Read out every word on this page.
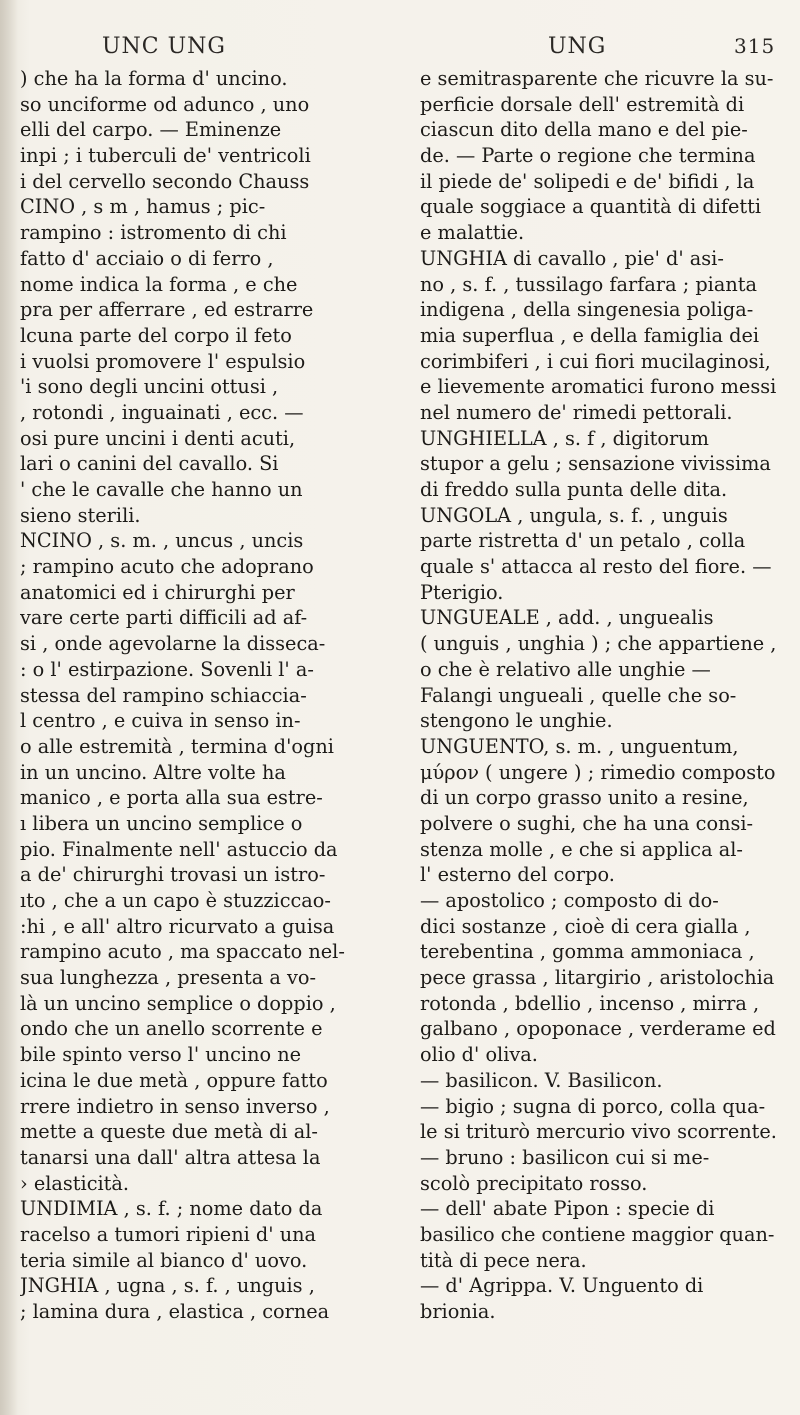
UNC UNG	UNG	315
) che ha la forma d' uncino.
so unciforme od adunco , uno
elli del carpo. — Eminenze
inpi ; i tuberculi de' ventricoli
i del cervello secondo Chauss
CINO , s m , hamus ; pic-
rampino : istromento di chi
fatto d' acciaio o di ferro ,
nome indica la forma , e che
pra per afferrare , ed estrarre
lcuna parte del corpo il feto
i vuolsi promovere l' espulsio
'i sono degli uncini ottusi ,
, rotondi , inguainati , ecc. —
osi pure uncini i denti acuti,
lari o canini del cavallo. Si
' che le cavalle che hanno un
sieno sterili.
NCINO , s. m. , uncus , uncis
; rampino acuto che adoprano
anatomici ed i chirurghi per
vare certe parti difficili ad af-
si , onde agevolarne la dissecа-
: o l' estirpazione. Sovenli l' a-
stessa del rampino schiaccia-
l centro , e cuiva in senso in-
o alle estremità , termina d'ogni
in un uncino. Altre volte ha
manico , e porta alla sua estre-
ı libera un uncino semplice o
pio. Finalmente nell' astuccio da
a de' chirurghi trovasi un istro-
ıto , che a un capo è stuzziccao-
:hi , e all' altro ricurvato a guisa
rampino acuto , ma spaccato nel-
sua lunghezza , presenta a vo-
là un uncino semplice o doppio ,
ondo che un anello scorrente e
bile spinto verso l' uncino ne
icina le due metà , oppure fatto
rrere indietro in senso inverso ,
mette a queste due metà di al-
tanarsi una dall' altra attesa la
› elasticità.
UNDIMIA , s. f. ; nome dato da
racelso a tumori ripieni d' una
teria simile al bianco d' uovo.
JNGHIA , ugna , s. f. , unguis ,
; lamina dura , elastica , cornea
e semitrasparente che ricuvre la su-
perficie dorsale dell' estremità di
ciascun dito della mano e del pie-
de. — Parte o regione che termina
il piede de' solipedi e de' bifidi , la
quale soggiace a quantità di difetti
e malattie.
UNGHIA di cavallo , pie' d' asi-
no , s. f. , tussilago farfara ; pianta
indigena , della singenesia poliga-
mia superflua , e della famiglia dei
corimbiferi , i cui fiori mucilaginosi,
e lievemente aromatici furono messi
nel numero de' rimedi pettorali.
UNGHIELLA , s. f , digitorum
stupor a gelu ; sensazione vivissima
di freddo sulla punta delle dita.
UNGOLA , ungula, s. f. , unguis
parte ristretta d' un petalo , colla
quale s' attacca al resto del fiore. —
Pterigio.
UNGUEALE , add. , unguealis
( unguis , unghia ) ; che appartiene ,
o che è relativo alle unghie —
Falangi ungueali , quelle che so-
stengono le unghie.
UNGUENTO, s. m. , unguentum,
μύρον ( ungere ) ; rimedio composto
di un corpo grasso unito a resine,
polvere o sughi, che ha una consi-
stenza molle , e che si applica al-
l' esterno del corpo.
— apostolico ; composto di do-
dici sostanze , cioè di cera gialla ,
terebentina , gomma ammoniaca ,
pece grassa , litargirio , aristolochia
rotonda , bdellio , incenso , mirra ,
galbano , opoponace , verderame ed
olio d' oliva.
— basilicon. V. Basilicon.
— bigio ; sugna di porco, colla qua-
le si triturò mercurio vivo scorrente.
— bruno : basilicon cui si me-
scolò precipitato rosso.
— dell' abate Pipon : specie di
basilico che contiene maggior quan-
tità di pece nera.
— d' Agrippa. V. Unguento di
brionia.
